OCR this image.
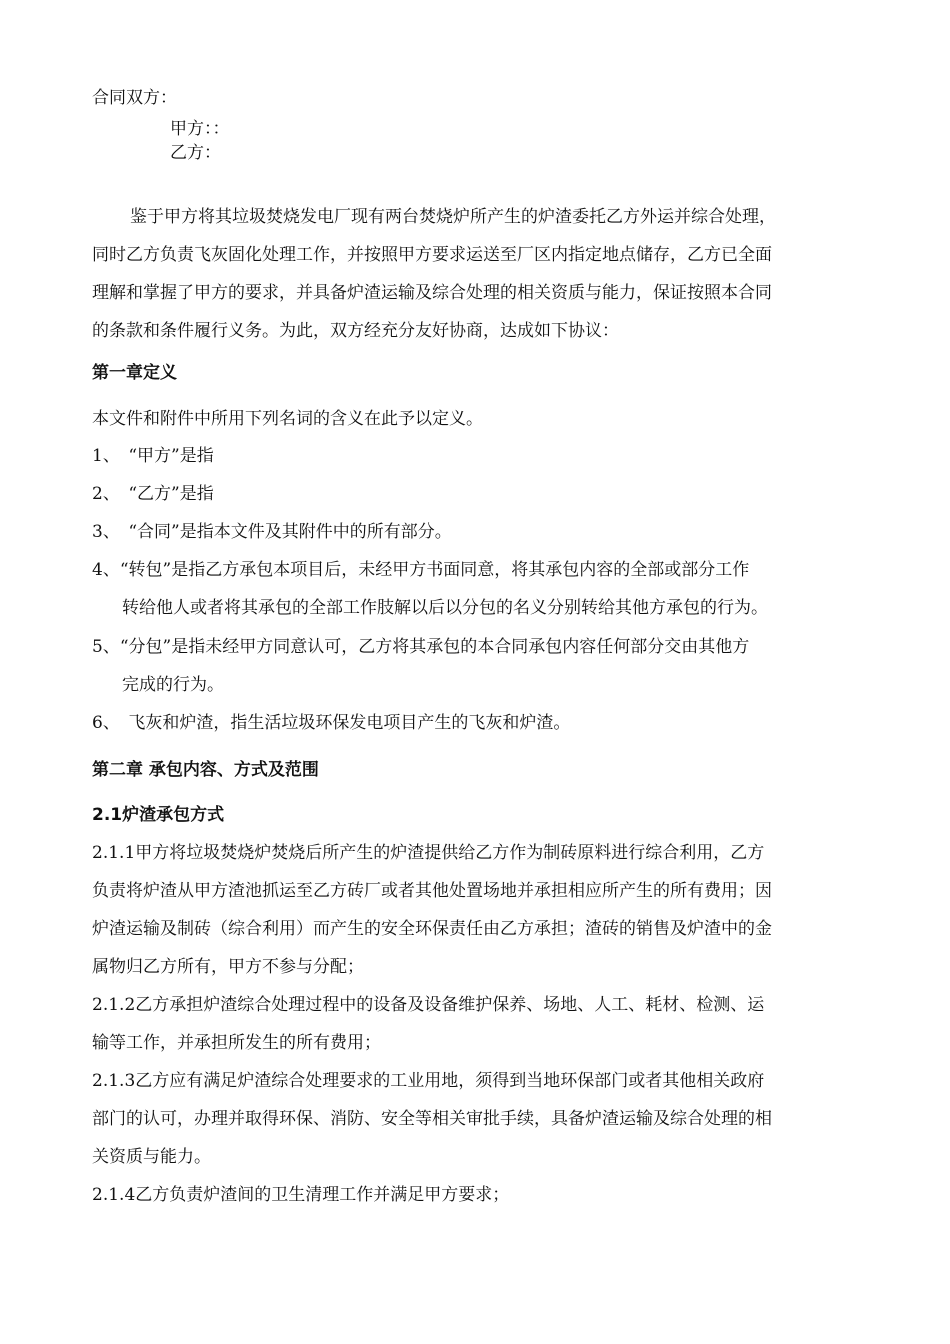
合同双方：
甲方：：
乙方：
鉴于甲方将其垃圾焚烧发电厂现有两台焚烧炉所产生的炉渣委托乙方外运并综合处理，
同时乙方负责飞灰固化处理工作，并按照甲方要求运送至厂区内指定地点储存，乙方已全面
理解和掌握了甲方的要求，并具备炉渣运输及综合处理的相关资质与能力，保证按照本合同
的条款和条件履行义务。为此，双方经充分友好协商，达成如下协议：
第一章定义
本文件和附件中所用下列名词的含义在此予以定义。
1、　“甲方”是指
2、　“乙方”是指
3、　“合同”是指本文件及其附件中的所有部分。
4、“转包”是指乙方承包本项目后，未经甲方书面同意，将其承包内容的全部或部分工作
转给他人或者将其承包的全部工作肢解以后以分包的名义分别转给其他方承包的行为。
5、“分包”是指未经甲方同意认可，乙方将其承包的本合同承包内容任何部分交由其他方
完成的行为。
6、　飞灰和炉渣，指生活垃圾环保发电项目产生的飞灰和炉渣。
第二章 承包内容、方式及范围
2.1炉渣承包方式
2.1.1甲方将垃圾焚烧炉焚烧后所产生的炉渣提供给乙方作为制砖原料进行综合利用，乙方
负责将炉渣从甲方渣池抓运至乙方砖厂或者其他处置场地并承担相应所产生的所有费用；因
炉渣运输及制砖（综合利用）而产生的安全环保责任由乙方承担；渣砖的销售及炉渣中的金
属物归乙方所有，甲方不参与分配；
2.1.2乙方承担炉渣综合处理过程中的设备及设备维护保养、场地、人工、耗材、检测、运
输等工作，并承担所发生的所有费用；
2.1.3乙方应有满足炉渣综合处理要求的工业用地，须得到当地环保部门或者其他相关政府
部门的认可，办理并取得环保、消防、安全等相关审批手续，具备炉渣运输及综合处理的相
关资质与能力。
2.1.4乙方负责炉渣间的卫生清理工作并满足甲方要求；
